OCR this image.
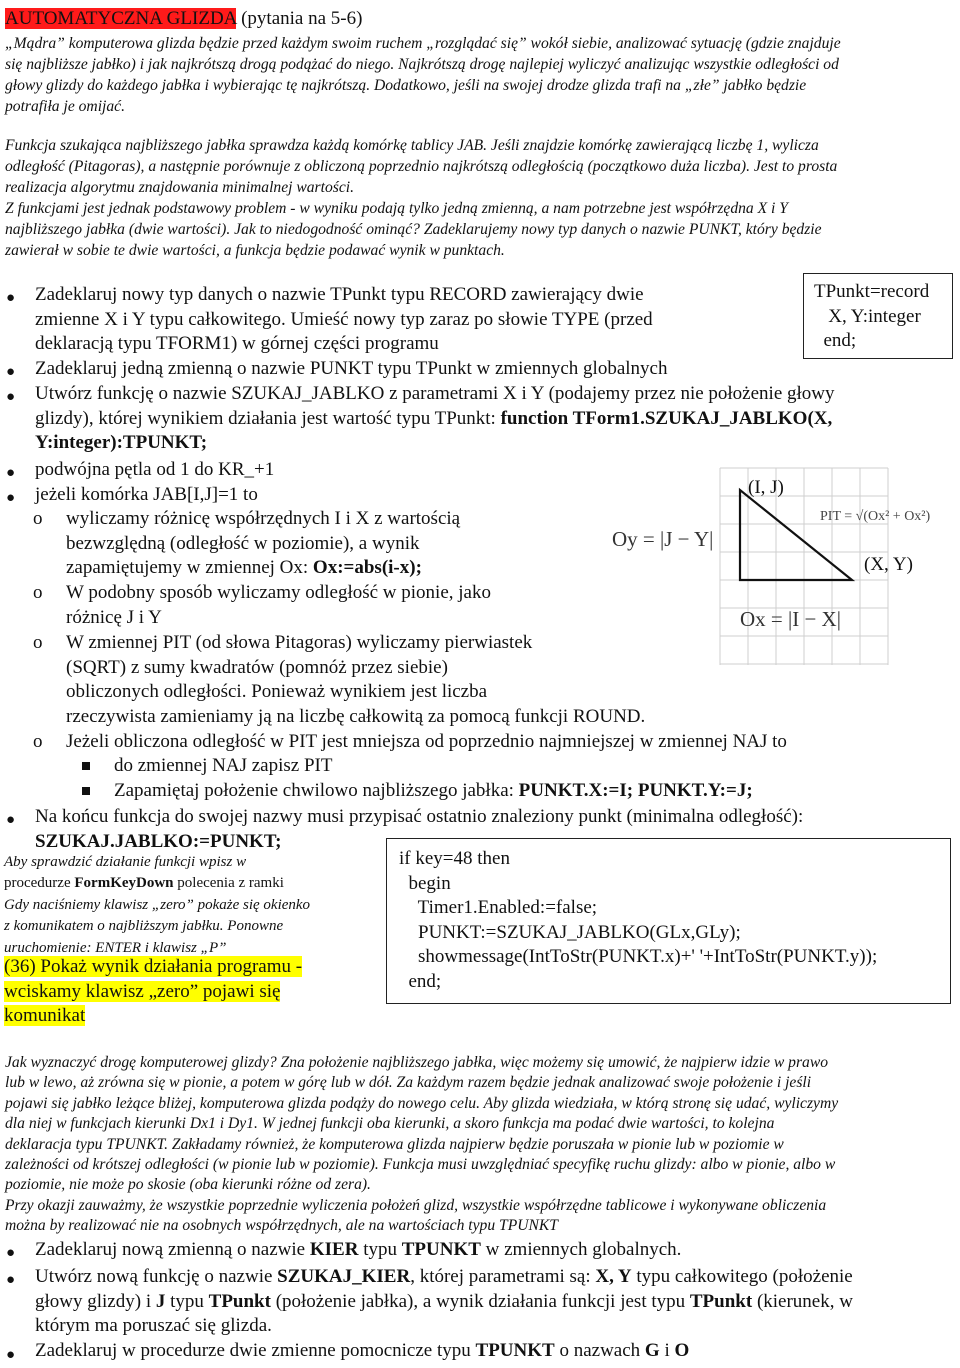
AUTOMATYCZNA GLIZDA (pytania na 5-6)

„Mądra” komputerowa glizda będzie przed każdym swoim ruchem „rozglądać się” wokół siebie, analizować sytuację (gdzie znajduje

się najbliższe jabłko) i jak najkrótszą drogą podążać do niego. Najkrótszą drogę najlepiej wyliczyć analizując wszystkie odległości od

głowy glizdy do każdego jabłka i wybierając tę najkrótszą. Dodatkowo, jeśli na swojej drodze glizda trafi na „złe” jabłko będzie

potrafiła je omijać.

Funkcja szukająca najbliższego jabłka sprawdza każdą komórkę tablicy JAB. Jeśli znajdzie komórkę zawierającą liczbę 1, wylicza

odległość (Pitagoras), a następnie porównuje z obliczoną poprzednio najkrótszą odległością (początkowo duża liczba). Jest to prosta

realizacja algorytmu znajdowania minimalnej wartości.

Z funkcjami jest jednak podstawowy problem - w wyniku podają tylko jedną zmienną, a nam potrzebne jest współrzędna X i Y

najbliższego jabłka (dwie wartości). Jak to niedogodność ominąć? Zadeklarujemy nowy typ danych o nazwie PUNKT, który będzie

zawierał w sobie te dwie wartości, a funkcja będzie podawać wynik w punktach.

TPunkt=record
X, Y:integer
end;
● Zadeklaruj nowy typ danych o nazwie TPunkt typu RECORD zawierający dwie

zmienne X i Y typu całkowitego. Umieść nowy typ zaraz po słowie TYPE (przed

deklaracją typu TFORM1) w górnej części programu

● Zadeklaruj jedną zmienną o nazwie PUNKT typu TPunkt w zmiennych globalnych
● Utwórz funkcję o nazwie SZUKAJ_JABLKO z parametrami X i Y (podajemy przez nie położenie głowy

glizdy), której wynikiem działania jest wartość typu TPunkt: function TForm1.SZUKAJ_JABLKO(X,

Y:integer):TPUNKT;

● podwójna pętla od 1 do KR_+1
● jeżeli komórka JAB[I,J]=1 to
o wyliczamy różnicę współrzędnych I i X z wartością

bezwzględną (odległość w poziomie), a wynik

zapamiętujemy w zmiennej Ox: Ox:=abs(i-x);

o W podobny sposób wyliczamy odległość w pionie, jako

różnicę J i Y

o W zmiennej PIT (od słowa Pitagoras) wyliczamy pierwiastek

(SQRT) z sumy kwadratów (pomnóż przez siebie)

obliczonych odległości. Ponieważ wynikiem jest liczba

rzeczywista zamieniamy ją na liczbę całkowitą za pomocą funkcji ROUND.

o Jeżeli obliczona odległość w PIT jest mniejsza od poprzednio najmniejszej w zmiennej NAJ to
do zmiennej NAJ zapisz PIT
Zapamiętaj położenie chwilowo najbliższego jabłka: PUNKT.X:=I; PUNKT.Y:=J;
● Na końcu funkcja do swojej nazwy musi przypisać ostatnio znaleziony punkt (minimalna odległość):

SZUKAJ.JABLKO:=PUNKT;

(I, J)
(X, Y)
Oy = |J − Y|
Ox = |I − X|
PIT = √(Ox² + Ox²)

Aby sprawdzić działanie funkcji wpisz w

procedurze FormKeyDown polecenia z ramki

Gdy naciśniemy klawisz „zero” pokaże się okienko

z komunikatem o najbliższym jabłku. Ponowne

uruchomienie: ENTER i klawisz „P”

(36) Pokaż wynik działania programu -

wciskamy klawisz „zero” pojawi się

komunikat

if key=48 then
begin
Timer1.Enabled:=false;
PUNKT:=SZUKAJ_JABLKO(GLx,GLy);
showmessage(IntToStr(PUNKT.x)+' '+IntToStr(PUNKT.y));
end;

Jak wyznaczyć drogę komputerowej glizdy? Zna położenie najbliższego jabłka, więc możemy się umowić, że najpierw idzie w prawo

lub w lewo, aż zrówna się w pionie, a potem w górę lub w dół. Za każdym razem będzie jednak analizować swoje położenie i jeśli

pojawi się jabłko leżące bliżej, komputerowa glizda podąży do nowego celu. Aby glizda wiedziała, w którą stronę się udać, wyliczymy

dla niej w funkcjach kierunki Dx1 i Dy1. W jednej funkcji oba kierunki, a skoro funkcja ma podać dwie wartości, to kolejna

deklaracja typu TPUNKT. Zakładamy również, że komputerowa glizda najpierw będzie poruszała w pionie lub w poziomie w

zależności od krótszej odległości (w pionie lub w poziomie). Funkcja musi uwzględniać specyfikę ruchu glizdy: albo w pionie, albo w

poziomie, nie może po skosie (oba kierunki różne od zera).

Przy okazji zauważmy, że wszystkie poprzednie wyliczenia położeń glizd, wszystkie współrzędne tablicowe i wykonywane obliczenia

można by realizować nie na osobnych współrzędnych, ale na wartościach typu TPUNKT

● Zadeklaruj nową zmienną o nazwie KIER typu TPUNKT w zmiennych globalnych.
● Utwórz nową funkcję o nazwie SZUKAJ_KIER, której parametrami są: X, Y typu całkowitego (położenie

głowy glizdy) i J typu TPunkt (położenie jabłka), a wynik działania funkcji jest typu TPunkt (kierunek, w

którym ma poruszać się glizda.

● Zadeklaruj w procedurze dwie zmienne pomocnicze typu TPUNKT o nazwach G i O
